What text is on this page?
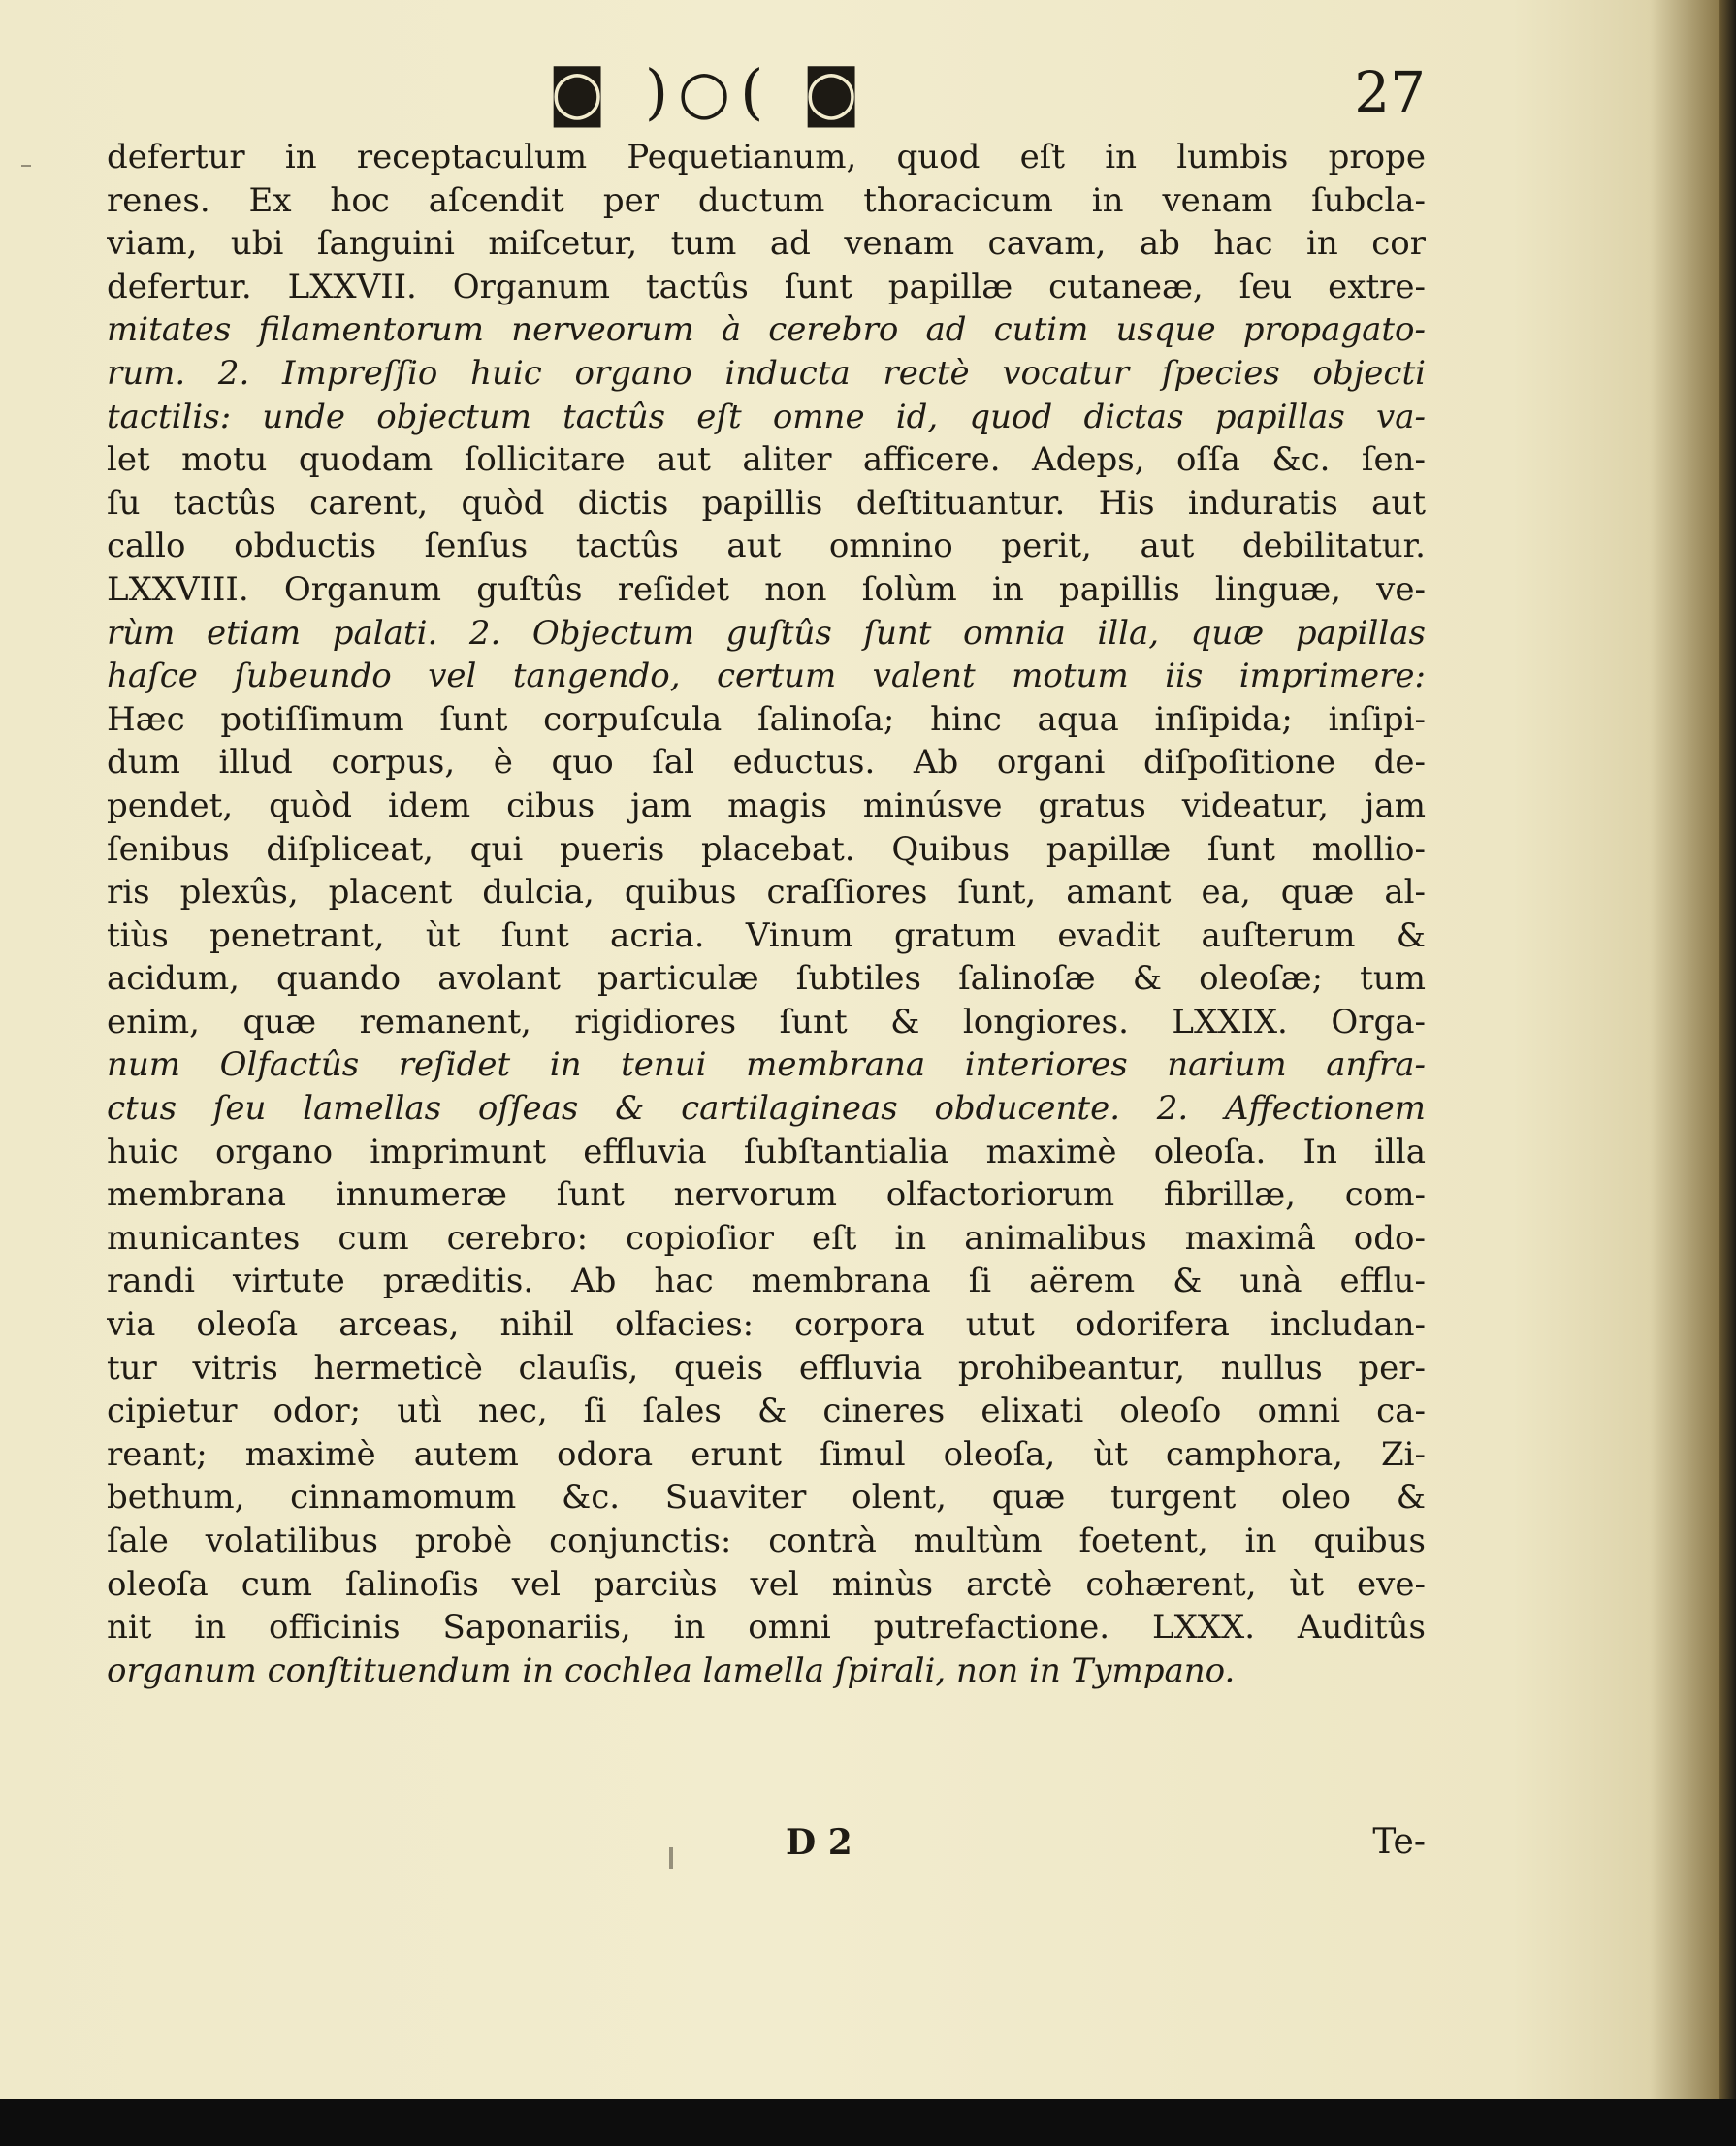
◙ )○( ◙	27
defertur in receptaculum Pequetianum, quod eſt in lumbis prope
renes. Ex hoc aſcendit per ductum thoracicum in venam ſubcla-
viam, ubi ſanguini miſcetur, tum ad venam cavam, ab hac in cor
defertur. LXXVII. Organum tactûs ſunt papillæ cutaneæ, ſeu extre-
mitates filamentorum nerveorum à cerebro ad cutim usque propagato-
rum. 2. Impreſſio huic organo inducta rectè vocatur ſpecies objecti
tactilis: unde objectum tactûs eſt omne id, quod dictas papillas va-
let motu quodam ſollicitare aut aliter afficere. Adeps, oſſa &c. ſen-
ſu tactûs carent, quòd dictis papillis deſtituantur. His induratis aut
callo obductis ſenſus tactûs aut omnino perit, aut debilitatur.
LXXVIII. Organum guſtûs reſidet non ſolùm in papillis linguæ, ve-
rùm etiam palati. 2. Objectum guſtûs ſunt omnia illa, quæ papillas
haſce ſubeundo vel tangendo, certum valent motum iis imprimere:
Hæc potiſſimum ſunt corpuſcula ſalinoſa; hinc aqua inſipida; inſipi-
dum illud corpus, è quo ſal eductus. Ab organi diſpoſitione de-
pendet, quòd idem cibus jam magis minúsve gratus videatur, jam
ſenibus diſpliceat, qui pueris placebat. Quibus papillæ ſunt mollio-
ris plexûs, placent dulcia, quibus craſſiores ſunt, amant ea, quæ al-
tiùs penetrant, ùt ſunt acria. Vinum gratum evadit auſterum &
acidum, quando avolant particulæ ſubtiles ſalinoſæ & oleoſæ; tum
enim, quæ remanent, rigidiores ſunt & longiores. LXXIX. Orga-
num Olfactûs reſidet in tenui membrana interiores narium anfra-
ctus ſeu lamellas oſſeas & cartilagineas obducente. 2. Affectionem
huic organo imprimunt effluvia ſubſtantialia maximè oleoſa. In illa
membrana innumeræ ſunt nervorum olfactoriorum fibrillæ, com-
municantes cum cerebro: copioſior eſt in animalibus maximâ odo-
randi virtute præditis. Ab hac membrana ſi aërem & unà efflu-
via oleoſa arceas, nihil olfacies: corpora utut odorifera includan-
tur vitris hermeticè clauſis, queis effluvia prohibeantur, nullus per-
cipietur odor; utì nec, ſi ſales & cineres elixati oleoſo omni ca-
reant; maximè autem odora erunt ſimul oleoſa, ùt camphora, Zi-
bethum, cinnamomum &c. Suaviter olent, quæ turgent oleo &
ſale volatilibus probè conjunctis: contrà multùm foetent, in quibus
oleoſa cum ſalinoſis vel parciùs vel minùs arctè cohærent, ùt eve-
nit in officinis Saponariis, in omni putrefactione. LXXX. Auditûs
organum conſtituendum in cochlea lamella ſpirali, non in Tympano.
D 2	Te-
